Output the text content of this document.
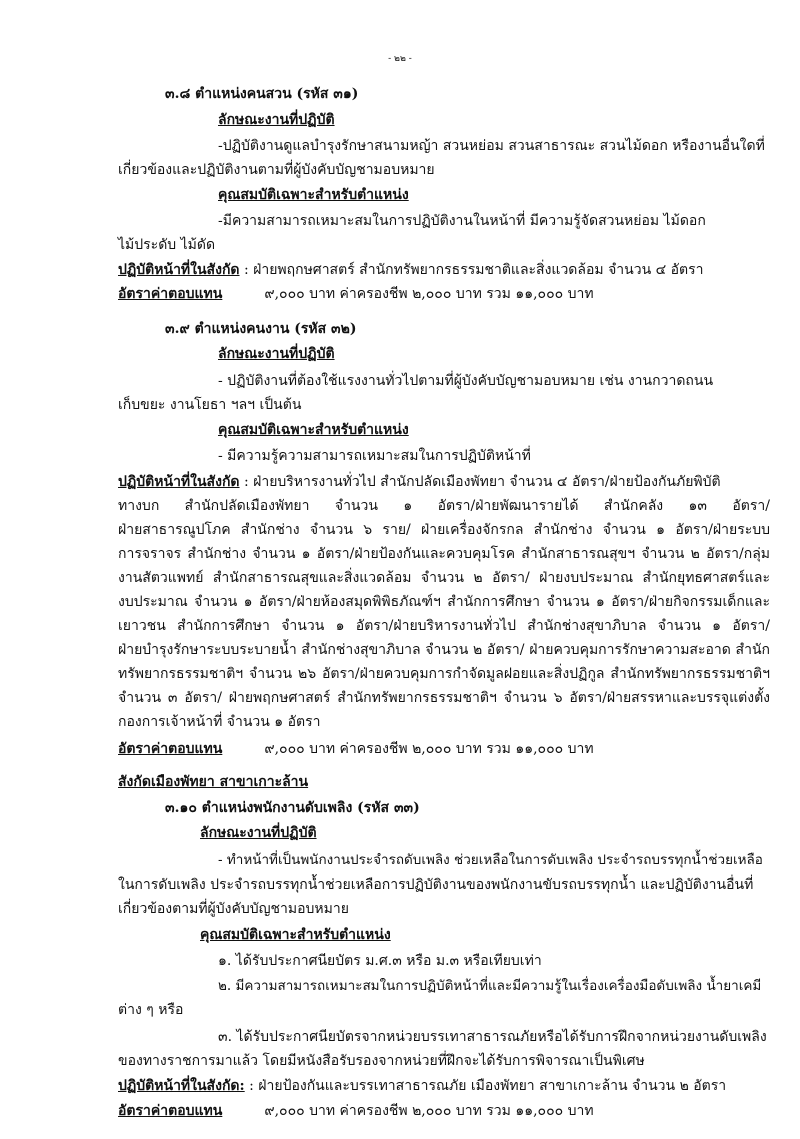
- ๒๒ -
๓.๘ ตำแหน่งคนสวน (รหัส ๓๑)
ลักษณะงานที่ปฏิบัติ
-ปฏิบัติงานดูแลบำรุงรักษาสนามหญ้า สวนหย่อม สวนสาธารณะ สวนไม้ดอก หรืองานอื่นใดที่
เกี่ยวข้องและปฏิบัติงานตามที่ผู้บังคับบัญชามอบหมาย
คุณสมบัติเฉพาะสำหรับตำแหน่ง
-มีความสามารถเหมาะสมในการปฏิบัติงานในหน้าที่ มีความรู้จัดสวนหย่อม ไม้ดอก
ไม้ประดับ ไม้ดัด
ปฏิบัติหน้าที่ในสังกัด : ฝ่ายพฤกษศาสตร์ สำนักทรัพยากรธรรมชาติและสิ่งแวดล้อม จำนวน ๔ อัตรา
อัตราค่าตอบแทน	๙,๐๐๐ บาท ค่าครองชีพ ๒,๐๐๐ บาท รวม ๑๑,๐๐๐ บาท
๓.๙ ตำแหน่งคนงาน (รหัส ๓๒)
ลักษณะงานที่ปฏิบัติ
- ปฏิบัติงานที่ต้องใช้แรงงานทั่วไปตามที่ผู้บังคับบัญชามอบหมาย เช่น งานกวาดถนน
เก็บขยะ งานโยธา ฯลฯ เป็นต้น
คุณสมบัติเฉพาะสำหรับตำแหน่ง
- มีความรู้ความสามารถเหมาะสมในการปฏิบัติหน้าที่
ปฏิบัติหน้าที่ในสังกัด : ฝ่ายบริหารงานทั่วไป สำนักปลัดเมืองพัทยา จำนวน ๔ อัตรา/ฝ่ายป้องกันภัยพิบัติ
ทางบก สำนักปลัดเมืองพัทยา จำนวน ๑ อัตรา/ฝ่ายพัฒนารายได้ สำนักคลัง ๑๓ อัตรา/
ฝ่ายสาธารณูปโภค สำนักช่าง จำนวน ๖ ราย/ ฝ่ายเครื่องจักรกล สำนักช่าง จำนวน ๑ อัตรา/ฝ่ายระบบ
การจราจร สำนักช่าง จำนวน ๑ อัตรา/ฝ่ายป้องกันและควบคุมโรค สำนักสาธารณสุขฯ จำนวน ๒ อัตรา/กลุ่ม
งานสัตวแพทย์ สำนักสาธารณสุขและสิ่งแวดล้อม จำนวน ๒ อัตรา/ ฝ่ายงบประมาณ สำนักยุทธศาสตร์และ
งบประมาณ จำนวน ๑ อัตรา/ฝ่ายห้องสมุดพิพิธภัณฑ์ฯ สำนักการศึกษา จำนวน ๑ อัตรา/ฝ่ายกิจกรรมเด็กและ
เยาวชน สำนักการศึกษา จำนวน ๑ อัตรา/ฝ่ายบริหารงานทั่วไป สำนักช่างสุขาภิบาล จำนวน ๑ อัตรา/
ฝ่ายบำรุงรักษาระบบระบายน้ำ สำนักช่างสุขาภิบาล จำนวน ๒ อัตรา/ ฝ่ายควบคุมการรักษาความสะอาด สำนัก
ทรัพยากรธรรมชาติฯ จำนวน ๒๖ อัตรา/ฝ่ายควบคุมการกำจัดมูลฝอยและสิ่งปฏิกูล สำนักทรัพยากรธรรมชาติฯ
จำนวน ๓ อัตรา/ ฝ่ายพฤกษศาสตร์ สำนักทรัพยากรธรรมชาติฯ จำนวน ๖ อัตรา/ฝ่ายสรรหาและบรรจุแต่งตั้ง
กองการเจ้าหน้าที่ จำนวน ๑ อัตรา
อัตราค่าตอบแทน	๙,๐๐๐ บาท ค่าครองชีพ ๒,๐๐๐ บาท รวม ๑๑,๐๐๐ บาท
สังกัดเมืองพัทยา สาขาเกาะล้าน
๓.๑๐ ตำแหน่งพนักงานดับเพลิง (รหัส ๓๓)
ลักษณะงานที่ปฏิบัติ
- ทำหน้าที่เป็นพนักงานประจำรถดับเพลิง ช่วยเหลือในการดับเพลิง ประจำรถบรรทุกน้ำช่วยเหลือ
ในการดับเพลิง ประจำรถบรรทุกน้ำช่วยเหลือการปฏิบัติงานของพนักงานขับรถบรรทุกน้ำ และปฏิบัติงานอื่นที่
เกี่ยวข้องตามที่ผู้บังคับบัญชามอบหมาย
คุณสมบัติเฉพาะสำหรับตำแหน่ง
๑. ได้รับประกาศนียบัตร ม.ศ.๓ หรือ ม.๓ หรือเทียบเท่า
๒. มีความสามารถเหมาะสมในการปฏิบัติหน้าที่และมีความรู้ในเรื่องเครื่องมือดับเพลิง น้ำยาเคมี
ต่าง ๆ หรือ
๓. ได้รับประกาศนียบัตรจากหน่วยบรรเทาสาธารณภัยหรือได้รับการฝึกจากหน่วยงานดับเพลิง
ของทางราชการมาแล้ว โดยมีหนังสือรับรองจากหน่วยที่ฝึกจะได้รับการพิจารณาเป็นพิเศษ
ปฏิบัติหน้าที่ในสังกัด: : ฝ่ายป้องกันและบรรเทาสาธารณภัย เมืองพัทยา สาขาเกาะล้าน จำนวน ๒ อัตรา
อัตราค่าตอบแทน	๙,๐๐๐ บาท ค่าครองชีพ ๒,๐๐๐ บาท รวม ๑๑,๐๐๐ บาท
